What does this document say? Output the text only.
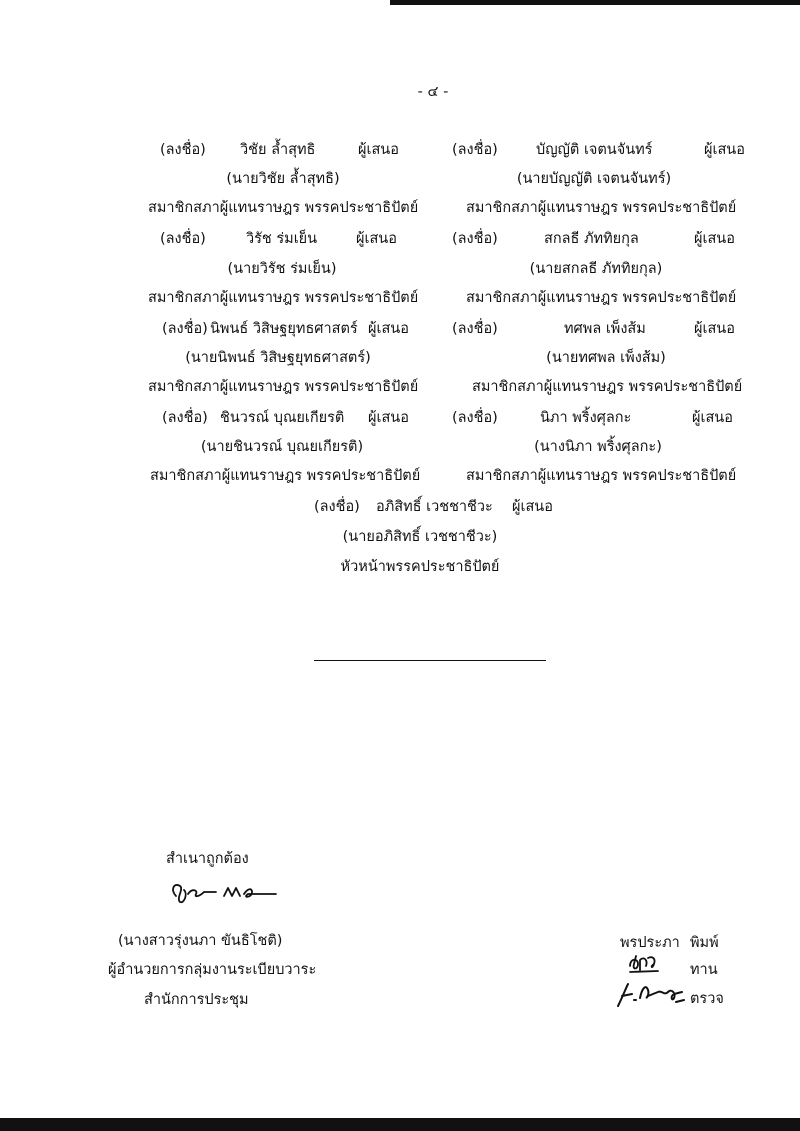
- ๔ -
(ลงชื่อ) วิชัย ล้ำสุทธิ	ผู้เสนอ	(ลงชื่อ)	บัญญัติ เจตนจันทร์	ผู้เสนอ
(นายวิชัย ล้ำสุทธิ)	(นายบัญญัติ เจตนจันทร์)
สมาชิกสภาผู้แทนราษฎร พรรคประชาธิปัตย์	สมาชิกสภาผู้แทนราษฎร พรรคประชาธิปัตย์
(ลงชื่อ)	วิรัช ร่มเย็น	ผู้เสนอ	(ลงชื่อ)	สกลธี ภัททิยกุล	ผู้เสนอ
(นายวิรัช ร่มเย็น)	(นายสกลธี ภัททิยกุล)
สมาชิกสภาผู้แทนราษฎร พรรคประชาธิปัตย์	สมาชิกสภาผู้แทนราษฎร พรรคประชาธิปัตย์
(ลงชื่อ) นิพนธ์ วิสิษฐยุทธศาสตร์ ผู้เสนอ	(ลงชื่อ)	ทศพล เพ็งส้ม	ผู้เสนอ
(นายนิพนธ์ วิสิษฐยุทธศาสตร์)	(นายทศพล เพ็งส้ม)
สมาชิกสภาผู้แทนราษฎร พรรคประชาธิปัตย์	สมาชิกสภาผู้แทนราษฎร พรรคประชาธิปัตย์
(ลงชื่อ) ชินวรณ์ บุณยเกียรติ ผู้เสนอ	(ลงชื่อ)	นิภา พริ้งศุลกะ	ผู้เสนอ
(นายชินวรณ์ บุณยเกียรติ)	(นางนิภา พริ้งศุลกะ)
สมาชิกสภาผู้แทนราษฎร พรรคประชาธิปัตย์	สมาชิกสภาผู้แทนราษฎร พรรคประชาธิปัตย์
(ลงชื่อ) อภิสิทธิ์ เวชชาชีวะ ผู้เสนอ
(นายอภิสิทธิ์ เวชชาชีวะ)
หัวหน้าพรรคประชาธิปัตย์
สำเนาถูกต้อง
(นางสาวรุ่งนภา ขันธิโชติ)
ผู้อำนวยการกลุ่มงานระเบียบวาระ
สำนักการประชุม
พรประภา พิมพ์
ทาน
ตรวจ
